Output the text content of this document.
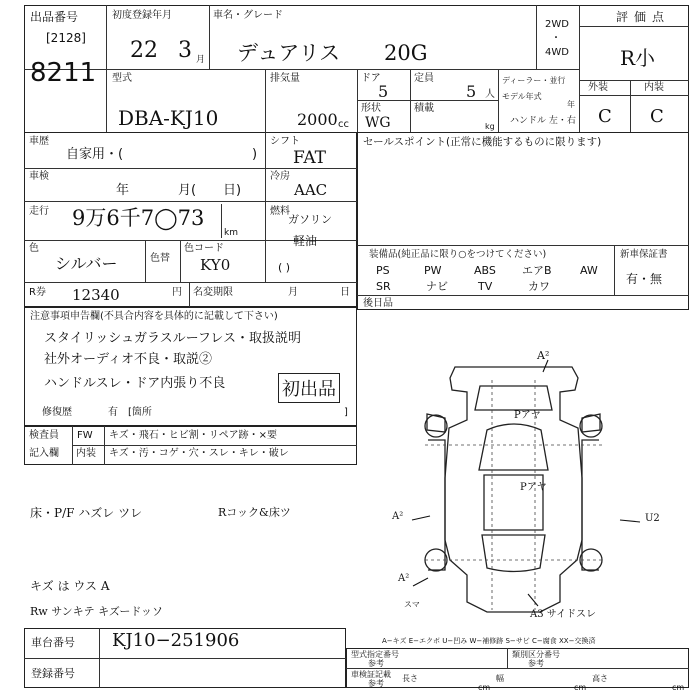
出品番号
[2128]
8211
初度登録年月
22 3 月
車名・グレード
デュアリス 20G
2WD
・
4WD
評価点
R小
外装	内装
C C
型式
DBA-KJ10
排気量
2000 cc
ドア
5
定員
5 人
形状
WG
積載
kg
ディーラー・並行
モデル年式
年
ハンドル 左・右
車歴
自家用・(	)
シフト
FAT
車検
年	月( 日)
冷房
AAC
走行 9万6千7◯73
km
燃料
ガソリン
軽油
( )
色
シルバー	色替
色コード
KY0
R券 12340	円 名変期限	月	日
セールスポイント(正常に機能するものに限ります)
装備品(純正品に限り○をつけてください)	新車保証書
有・無
PS	PW	ABS エアB	AW
SR	ナビ	TV	カワ
後日品
注意事項申告欄(不具合内容を具体的に記載して下さい)
スタイリッシュガラスルーフレス・取扱説明
社外オーディオ不良・取説②
ハンドルスレ・ドア内張り不良	初出品
修復歴	有 [箇所	]
検査員
記入欄
FW キズ・飛石・ヒビ割・リペア跡・×要
内装 キズ・汚・コゲ・穴・スレ・キレ・破レ
床・P/F ハズレ ツレ	Rコック&床ツ
キズ は ウス A
Rw サンキテ キズードッソ
A²
Pアヤ
Pアヤ
A²	U2
A²
スマ
A3 サイドスレ
A−キズ E−エクボ U−凹み W−補修跡 S−サビ C−腐食 XX−交換済
車台番号 KJ10−251906
登録番号
型式指定番号
参考
類別区分番号
参考
車検証記載
参考
長さ
cm
幅
cm
高さ
cm
